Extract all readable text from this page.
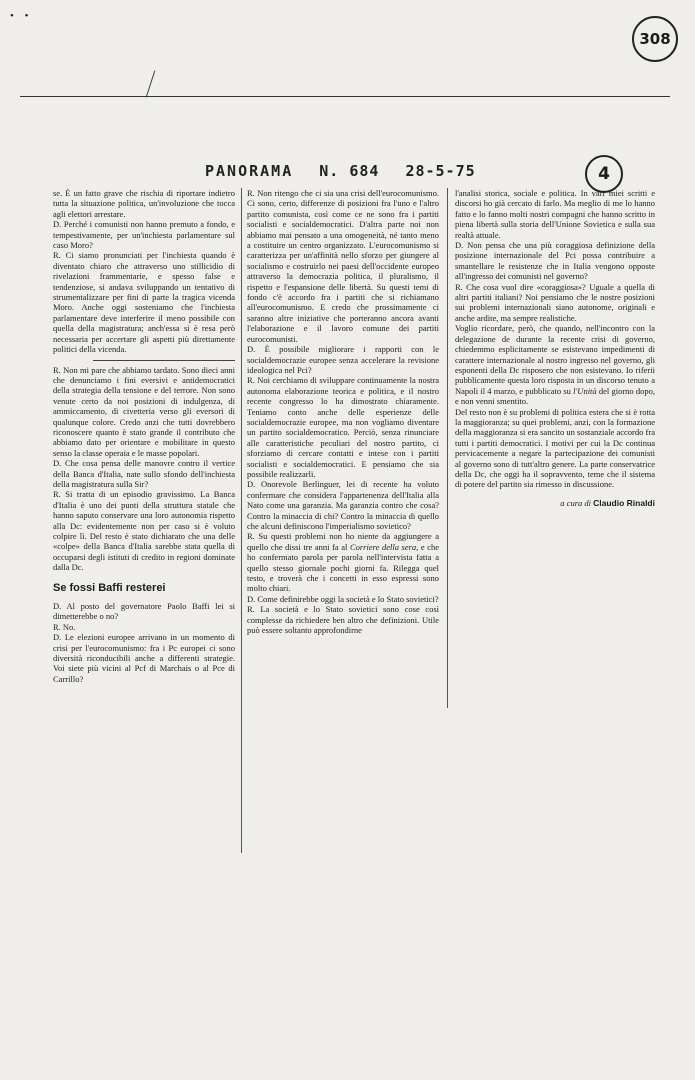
• •
308
PANORAMA N. 684 28-5-75	4

se. È un fatto grave che rischia di riportare indietro tutta la situazione politica, un'involuzione che tocca agli elettori arrestare.

D. Perché i comunisti non hanno premuto a fondo, e tempestivamente, per un'inchiesta parlamentare sul caso Moro?

R. Ci siamo pronunciati per l'inchiesta quando è diventato chiaro che attraverso uno stillicidio di rivelazioni frammentarie, e spesso false e tendenziose, si andava sviluppando un tentativo di strumentalizzare per fini di parte la tragica vicenda Moro. Anche oggi sosteniamo che l'inchiesta parlamentare deve interferire il meno possibile con quella della magistratura; anch'essa si è resa però necessaria per accertare gli aspetti più direttamente politici della vicenda.

R. Non mi pare che abbiamo tardato. Sono dieci anni che denunciamo i fini eversivi e antidemocratici della strategia della tensione e del terrore. Non sono venute certo da noi posizioni di indulgenza, di ammiccamento, di civetteria verso gli eversori di qualunque colore. Credo anzi che tutti dovrebbero riconoscere quanto è stato grande il contributo che abbiamo dato per orientare e mobilitare in questo senso la classe operaia e le masse popolari.

D. Che cosa pensa delle manovre contro il vertice della Banca d'Italia, nate sullo sfondo dell'inchiesta della magistratura sulla Sir?

R. Si tratta di un episodio gravissimo. La Banca d'Italia è uno dei punti della struttura statale che hanno saputo conservare una loro autonomia rispetto alla Dc: evidentemente non per caso si è voluto colpire lì. Del resto è stato dichiarato che una delle «colpe» della Banca d'Italia sarebbe stata quella di occuparsi degli istituti di credito in regioni dominate dalla Dc.

Se fossi Baffi resterei

D. Al posto del governatore Paolo Baffi lei si dimetterebbe o no?

R. No.

D. Le elezioni europee arrivano in un momento di crisi per l'eurocomunismo: fra i Pc europei ci sono diversità riconducibili anche a differenti strategie. Voi siete più vicini al Pcf di Marchais o al Pce di Carrillo?

R. Non ritengo che ci sia una crisi dell'eurocomunismo. Ci sono, certo, differenze di posizioni fra l'uno e l'altro partito comunista, così come ce ne sono fra i partiti socialisti e socialdemocratici. D'altra parte noi non abbiamo mai pensato a una omogeneità, né tanto meno a costituire un centro organizzato. L'eurocomunismo si caratterizza per un'affinità nello sforzo per giungere al socialismo e costruirlo nei paesi dell'occidente europeo attraverso la democrazia politica, il pluralismo, il rispetto e l'espansione delle libertà. Su questi temi di fondo c'è accordo fra i partiti che si richiamano all'eurocomunismo. E credo che prossimamente ci saranno altre iniziative che porteranno ancora avanti l'elaborazione e il lavoro comune dei partiti eurocomunisti.

D. È possibile migliorare i rapporti con le socialdemocrazie europee senza accelerare la revisione ideologica nel Pci?

R. Noi cerchiamo di sviluppare continuamente la nostra autonoma elaborazione teorica e politica, e il nostro recente congresso lo ha dimostrato chiaramente. Teniamo conto anche delle esperienze delle socialdemocrazie europee, ma non vogliamo diventare un partito socialdemocratico. Perciò, senza rinunciare alle caratteristiche peculiari del nostro partito, ci sforziamo di cercare contatti e intese con i partiti socialisti e socialdemocratici. E pensiamo che sia possibile realizzarli.

D. Onorevole Berlinguer, lei di recente ha voluto confermare che considera l'appartenenza dell'Italia alla Nato come una garanzia. Ma garanzia contro che cosa? Contro la minaccia di chi? Contro la minaccia di quello che alcuni definiscono l'imperialismo sovietico?

R. Su questi problemi non ho niente da aggiungere a quello che dissi tre anni fa al Corriere della sera, e che ho confermato parola per parola nell'intervista fatta a quello stesso giornale pochi giorni fa. Rilegga quel testo, e troverà che i concetti in esso espressi sono molto chiari.

D. Come definirebbe oggi la società e lo Stato sovietici?

R. La società e lo Stato sovietici sono cose così complesse da richiedere ben altro che definizioni. Utile può essere soltanto approfondirne

l'analisi storica, sociale e politica. In vari miei scritti e discorsi ho già cercato di farlo. Ma meglio di me lo hanno fatto e lo fanno molti nostri compagni che hanno scritto in piena libertà sulla storia dell'Unione Sovietica e sulla sua realtà attuale.

D. Non pensa che una più coraggiosa definizione della posizione internazionale del Pci possa contribuire a smantellare le resistenze che in Italia vengono opposte all'ingresso dei comunisti nel governo?

R. Che cosa vuol dire «coraggiosa»? Uguale a quella di altri partiti italiani? Noi pensiamo che le nostre posizioni sui problemi internazionali siano autonome, originali e anche ardite, ma sempre realistiche.

Voglio ricordare, però, che quando, nell'incontro con la delegazione de durante la recente crisi di governo, chiedemmo esplicitamente se esistevano impedimenti di carattere internazionale al nostro ingresso nel governo, gli esponenti della Dc risposero che non esistevano. Io riferii pubblicamente questa loro risposta in un discorso tenuto a Napoli il 4 marzo, e pubblicato su l'Unità del giorno dopo, e non venni smentito.

Del resto non è su problemi di politica estera che si è rotta la maggioranza; su quei problemi, anzi, con la formazione della maggioranza si era sancito un sostanziale accordo fra tutti i partiti democratici. I motivi per cui la Dc continua pervicacemente a negare la partecipazione dei comunisti al governo sono di tutt'altro genere. La parte conservatrice della Dc, che oggi ha il sopravvento, teme che il sistema di potere del partito sia rimesso in discussione.

a cura di Claudio Rinaldi
